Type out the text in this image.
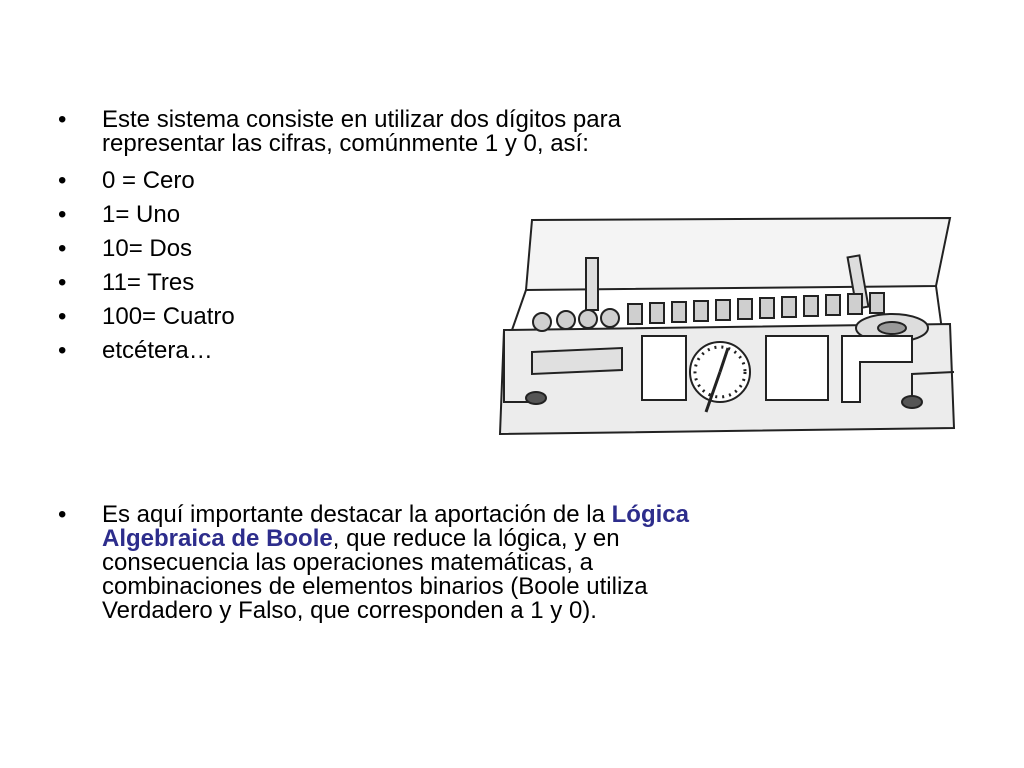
• Este sistema consiste en utilizar dos dígitos para representar las cifras, comúnmente 1 y 0, así:
• 0 = Cero
• 1= Uno
• 10= Dos
• 11= Tres
• 100= Cuatro
• etcétera…
• Es aquí importante destacar la aportación de la Lógica Algebraica de Boole, que reduce la lógica, y en consecuencia las operaciones matemáticas, a combinaciones de elementos binarios (Boole utiliza Verdadero y Falso, que corresponden a 1 y 0).
